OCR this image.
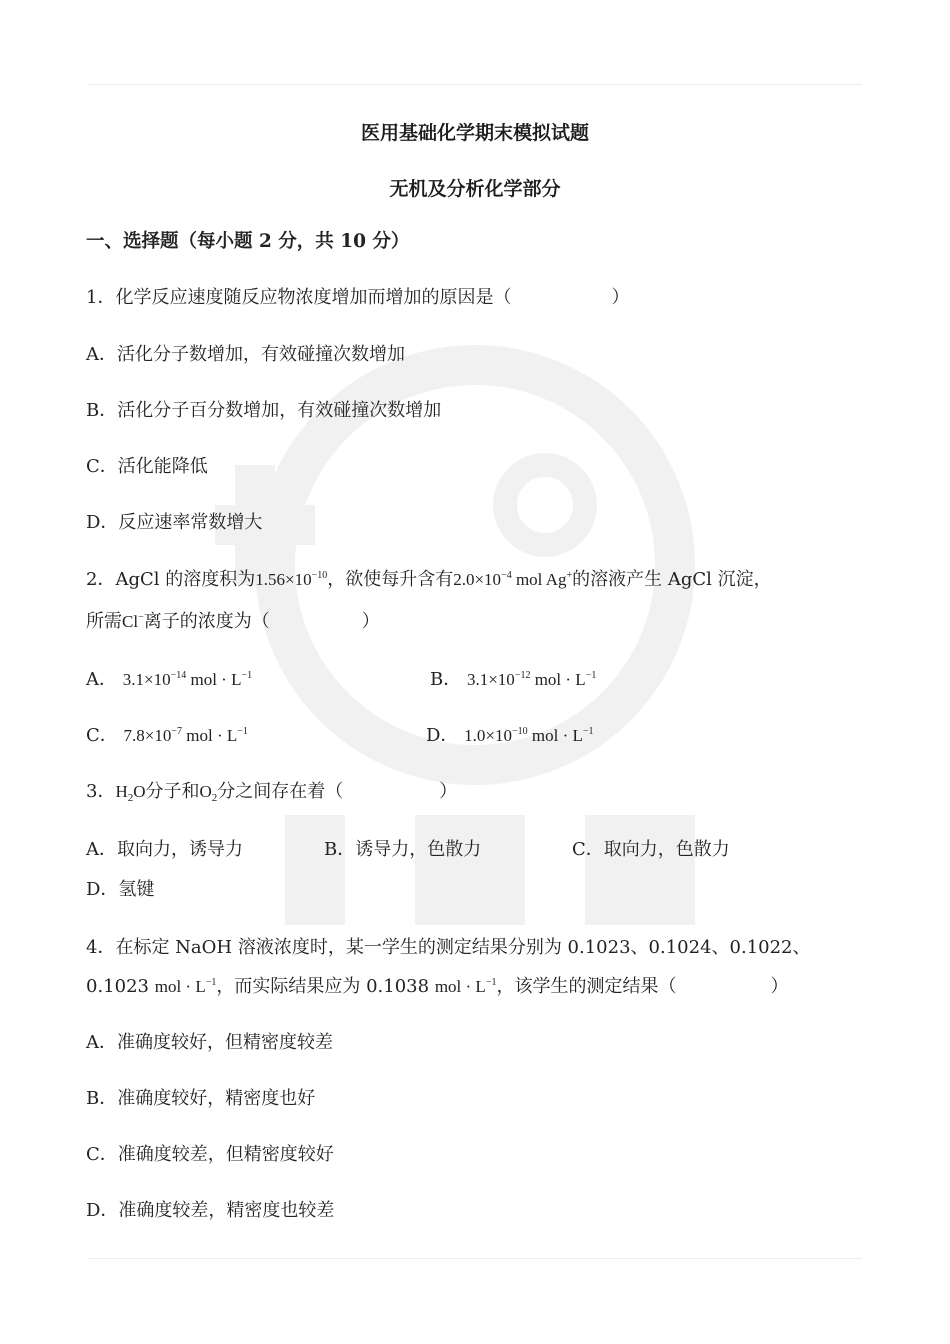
医用基础化学期末模拟试题
无机及分析化学部分
一、选择题（每小题 2 分，共 10 分）
1．化学反应速度随反应物浓度增加而增加的原因是（	）
A．活化分子数增加，有效碰撞次数增加
B．活化分子百分数增加，有效碰撞次数增加
C．活化能降低
D．反应速率常数增大
2．AgCl 的溶度积为$1.56\times 10^{-10}$，欲使每升含有$2.0\times 10^{-4}$ mol Ag+的溶液产生 AgCl 沉淀，
所需Cl−离子的浓度为（	）
A． $3.1\times 10^{-14}$ mol · $L^{-1}$	B． $3.1\times 10^{-12}$ mol · $L^{-1}$
C． $7.8\times 10^{-7}$ mol · $L^{-1}$	D． $1.0\times 10^{-10}$ mol · $L^{-1}$
3．$H_2O$分子和$O_2$分之间存在着（	）
A．取向力，诱导力	B．诱导力，色散力	C．取向力，色散力
D．氢键
4．在标定 NaOH 溶液浓度时，某一学生的测定结果分别为 0.1023、0.1024、0.1022、
0.1023 mol · $L^{-1}$，而实际结果应为 0.1038 mol · $L^{-1}$，该学生的测定结果（	）
A．准确度较好，但精密度较差
B．准确度较好，精密度也好
C．准确度较差，但精密度较好
D．准确度较差，精密度也较差
